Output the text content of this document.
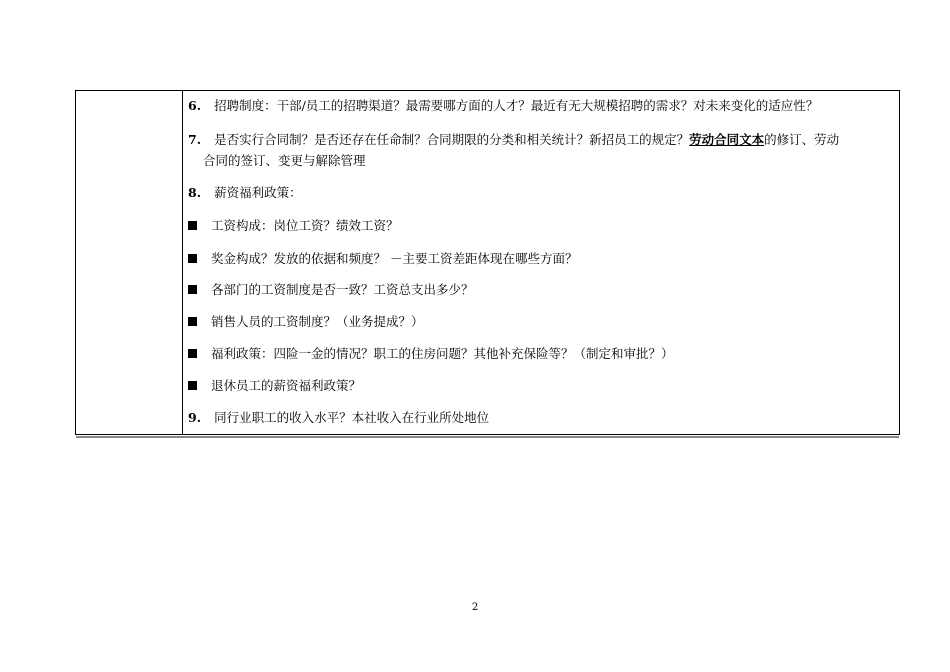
6. 招聘制度：干部/员工的招聘渠道？最需要哪方面的人才？最近有无大规模招聘的需求？对未来变化的适应性？
7. 是否实行合同制？是否还存在任命制？合同期限的分类和相关统计？新招员工的规定？劳动合同文本的修订、劳动
合同的签订、变更与解除管理
8. 薪资福利政策：
工资构成：岗位工资？绩效工资？
奖金构成？发放的依据和频度？ －主要工资差距体现在哪些方面？
各部门的工资制度是否一致？工资总支出多少？
销售人员的工资制度？（业务提成？）
福利政策：四险一金的情况？职工的住房问题？其他补充保险等？（制定和审批？）
退休员工的薪资福利政策？
9. 同行业职工的收入水平？本社收入在行业所处地位
2
